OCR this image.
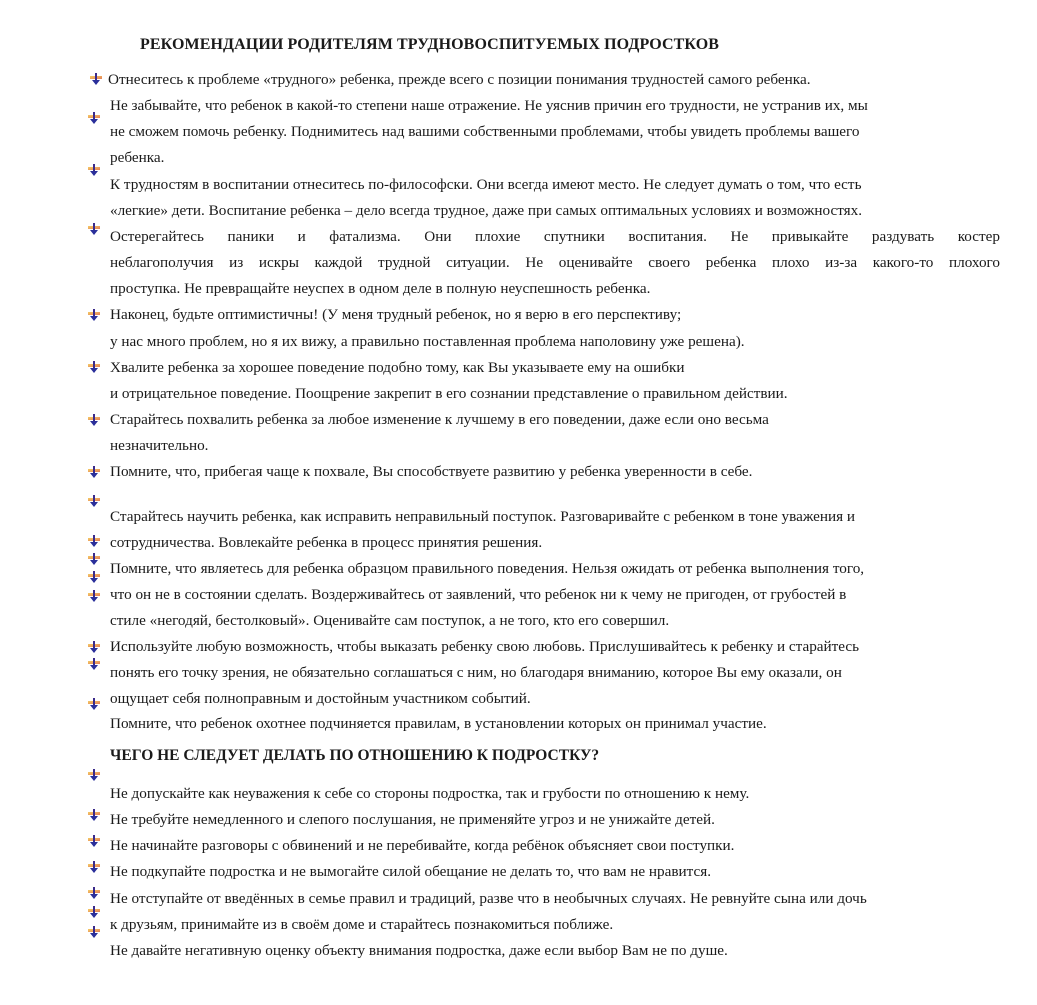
РЕКОМЕНДАЦИИ РОДИТЕЛЯМ ТРУДНОВОСПИТУЕМЫХ ПОДРОСТКОВ
Отнеситесь к проблеме «трудного» ребенка, прежде всего с позиции понимания трудностей самого ребенка.
Не забывайте, что ребенок в какой-то степени наше отражение. Не уяснив причин его трудности, не устранив их, мы
не сможем помочь ребенку. Поднимитесь над вашими собственными проблемами, чтобы увидеть проблемы вашего
ребенка.
К трудностям в воспитании отнеситесь по-философски. Они всегда имеют место. Не следует думать о том, что есть
«легкие» дети. Воспитание ребенка – дело всегда трудное, даже при самых оптимальных условиях и возможностях.
Остерегайтесь паники и фатализма. Они плохие спутники воспитания. Не привыкайте раздувать костер
неблагополучия из искры каждой трудной ситуации. Не оценивайте своего ребенка плохо из-за какого-то плохого
проступка. Не превращайте неуспех в одном деле в полную неуспешность ребенка.
Наконец, будьте оптимистичны! (У меня трудный ребенок, но я верю в его перспективу;
у нас много проблем, но я их вижу, а правильно поставленная проблема наполовину уже решена).
Хвалите ребенка за хорошее поведение подобно тому, как Вы указываете ему на ошибки
и отрицательное поведение. Поощрение закрепит в его сознании представление о правильном действии.
Старайтесь похвалить ребенка за любое изменение к лучшему в его поведении, даже если оно весьма
незначительно.
Помните, что, прибегая чаще к похвале, Вы способствуете развитию у ребенка уверенности в себе.
Старайтесь научить ребенка, как исправить неправильный поступок. Разговаривайте с ребенком в тоне уважения и
сотрудничества. Вовлекайте ребенка в процесс принятия решения.
Помните, что являетесь для ребенка образцом правильного поведения. Нельзя ожидать от ребенка выполнения того,
что он не в состоянии сделать. Воздерживайтесь от заявлений, что ребенок ни к чему не пригоден, от грубостей в
стиле «негодяй, бестолковый». Оценивайте сам поступок, а не того, кто его совершил.
Используйте любую возможность, чтобы выказать ребенку свою любовь. Прислушивайтесь к ребенку и старайтесь
понять его точку зрения, не обязательно соглашаться с ним, но благодаря вниманию, которое Вы ему оказали, он
ощущает себя полноправным и достойным участником событий.
Помните, что ребенок охотнее подчиняется правилам, в установлении которых он принимал участие.
ЧЕГО НЕ СЛЕДУЕТ ДЕЛАТЬ ПО ОТНОШЕНИЮ К ПОДРОСТКУ?
Не допускайте как неуважения к себе со стороны подростка, так и грубости по отношению к нему.
Не требуйте немедленного и слепого послушания, не применяйте угроз и не унижайте детей.
Не начинайте разговоры с обвинений и не перебивайте, когда ребёнок объясняет свои поступки.
Не подкупайте подростка и не вымогайте силой обещание не делать то, что вам не нравится.
Не отступайте от введённых в семье правил и традиций, разве что в необычных случаях. Не ревнуйте сына или дочь
к друзьям, принимайте из в своём доме и старайтесь познакомиться поближе.
Не давайте негативную оценку объекту внимания подростка, даже если выбор Вам не по душе.
